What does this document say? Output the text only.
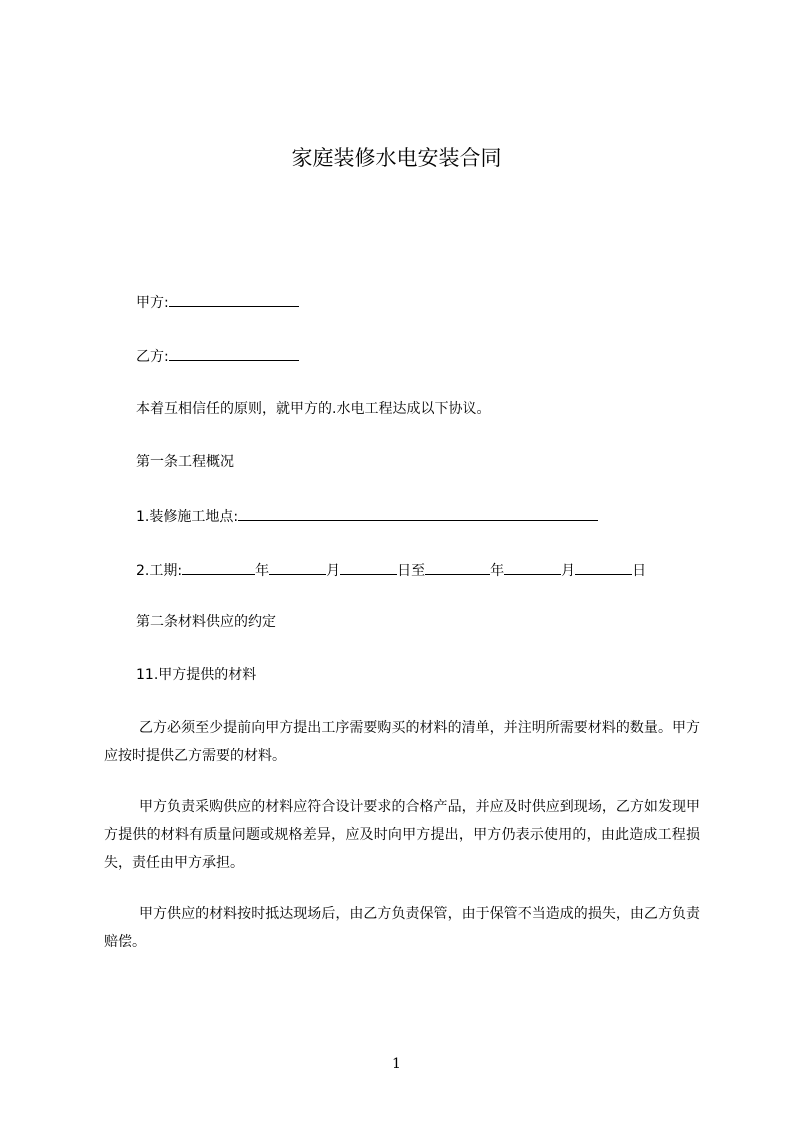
家庭装修水电安装合同
甲方:
乙方:
本着互相信任的原则，就甲方的.水电工程达成以下协议。
第一条工程概况
1.装修施工地点:
2.工期:	年	月	日至	年	月	日
第二条材料供应的约定
11.甲方提供的材料
乙方必须至少提前向甲方提出工序需要购买的材料的清单，并注明所需要材料的数量。甲方应按时提供乙方需要的材料。
甲方负责采购供应的材料应符合设计要求的合格产品，并应及时供应到现场，乙方如发现甲方提供的材料有质量问题或规格差异，应及时向甲方提出，甲方仍表示使用的，由此造成工程损失，责任由甲方承担。
甲方供应的材料按时抵达现场后，由乙方负责保管，由于保管不当造成的损失，由乙方负责赔偿。
1
